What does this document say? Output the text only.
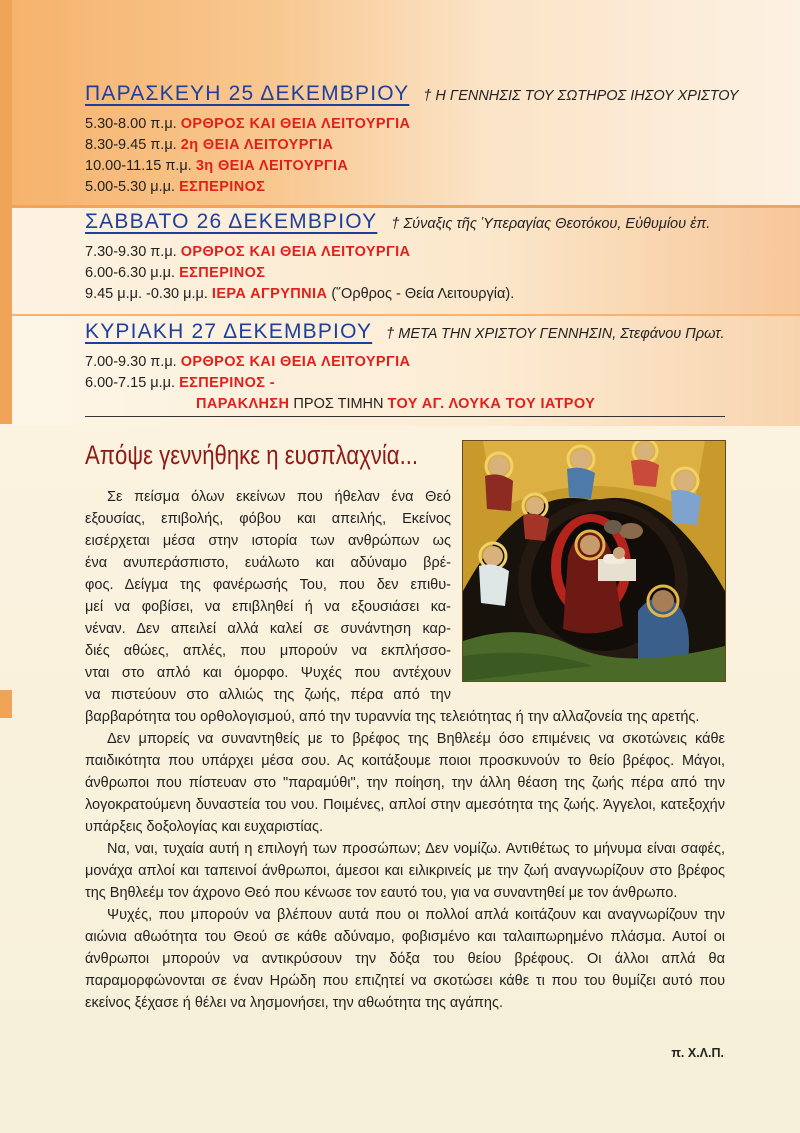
ΠΑΡΑΣΚΕΥΗ 25 ΔΕΚΕΜΒΡΙΟΥ † Η ΓΕΝΝΗΣΙΣ ΤΟΥ ΣΩΤΗΡΟΣ ΙΗΣΟΥ ΧΡΙΣΤΟΥ
5.30-8.00 π.μ. ΟΡΘΡΟΣ ΚΑΙ ΘΕΙΑ ΛΕΙΤΟΥΡΓΙΑ
8.30-9.45 π.μ. 2η ΘΕΙΑ ΛΕΙΤΟΥΡΓΙΑ
10.00-11.15 π.μ. 3η ΘΕΙΑ ΛΕΙΤΟΥΡΓΙΑ
5.00-5.30 μ.μ. ΕΣΠΕΡΙΝΟΣ
ΣΑΒΒΑΤΟ 26 ΔΕΚΕΜΒΡΙΟΥ † Σύναξις τῆς Ὑπεραγίας Θεοτόκου, Εὐθυμίου ἐπ.
7.30-9.30 π.μ. ΟΡΘΡΟΣ ΚΑΙ ΘΕΙΑ ΛΕΙΤΟΥΡΓΙΑ
6.00-6.30 μ.μ. ΕΣΠΕΡΙΝΟΣ
9.45 μ.μ. -0.30 μ.μ. ΙΕΡΑ ΑΓΡΥΠΝΙΑ (῞Ορθρος - Θεία Λειτουργία).
ΚΥΡΙΑΚΗ 27 ΔΕΚΕΜΒΡΙΟΥ † ΜΕΤΑ ΤΗΝ ΧΡΙΣΤΟΥ ΓΕΝΝΗΣΙΝ, Στεφάνου Πρωτ.
7.00-9.30 π.μ. ΟΡΘΡΟΣ ΚΑΙ ΘΕΙΑ ΛΕΙΤΟΥΡΓΙΑ
6.00-7.15 μ.μ. ΕΣΠΕΡΙΝΟΣ -
ΠΑΡΑΚΛΗΣΗ ΠΡΟΣ ΤΙΜΗΝ ΤΟΥ ΑΓ. ΛΟΥΚΑ ΤΟΥ ΙΑΤΡΟΥ
Απόψε γεννήθηκε η ευσπλαχνία...
Σε πείσμα όλων εκείνων που ήθελαν ένα Θεό
εξουσίας, επιβολής, φόβου και απειλής, Εκείνος
εισέρχεται μέσα στην ιστορία των ανθρώπων ως
ένα ανυπεράσπιστο, ευάλωτο και αδύναμο βρέ-
φος. Δείγμα της φανέρωσής Του, που δεν επιθυ-
μεί να φοβίσει, να επιβληθεί ή να εξουσιάσει κα-
νέναν. Δεν απειλεί αλλά καλεί σε συνάντηση καρ-
διές αθώες, απλές, που μπορούν να εκπλήσσο-
νται στο απλό και όμορφο. Ψυχές που αντέχουν
να πιστεύουν στο αλλιώς της ζωής, πέρα από την
βαρβαρότητα του ορθολογισμού, από την τυραννία της τελειότητας ή την αλλαζονεία της αρετής.

Δεν μπορείς να συναντηθείς με το βρέφος της Βηθλεέμ όσο επιμένεις να σκοτώνεις κάθε παιδικότητα που υπάρχει μέσα σου. Ας κοιτάξουμε ποιοι προσκυνούν το θείο βρέφος. Μάγοι, άνθρωποι που πίστευαν στο "παραμύθι", την ποίηση, την άλλη θέαση της ζωής πέρα από την λογοκρατούμενη δυναστεία του νου. Ποιμένες, απλοί στην αμεσότητα της ζωής. Άγγελοι, κατεξοχήν υπάρξεις δοξολογίας και ευχαριστίας.

Να, ναι, τυχαία αυτή η επιλογή των προσώπων; Δεν νομίζω. Αντιθέτως το μήνυμα είναι σαφές, μονάχα απλοί και ταπεινοί άνθρωποι, άμεσοι και ειλικρινείς με την ζωή αναγνωρίζουν στο βρέφος της Βηθλεέμ τον άχρονο Θεό που κένωσε τον εαυτό του, για να συναντηθεί με τον άνθρωπο.

Ψυχές, που μπορούν να βλέπουν αυτά που οι πολλοί απλά κοιτάζουν και αναγνωρίζουν την αιώνια αθωότητα του Θεού σε κάθε αδύναμο, φοβισμένο και ταλαιπωρημένο πλάσμα. Αυτοί οι άνθρωποι μπορούν να αντικρύσουν την δόξα του θείου βρέφους. Οι άλλοι απλά θα παραμορφώνονται σε έναν Ηρώδη που επιζητεί να σκοτώσει κάθε τι που του θυμίζει αυτό που εκείνος ξέχασε ή θέλει να λησμονήσει, την αθωότητα της αγάπης.

π. Χ.Λ.Π.
